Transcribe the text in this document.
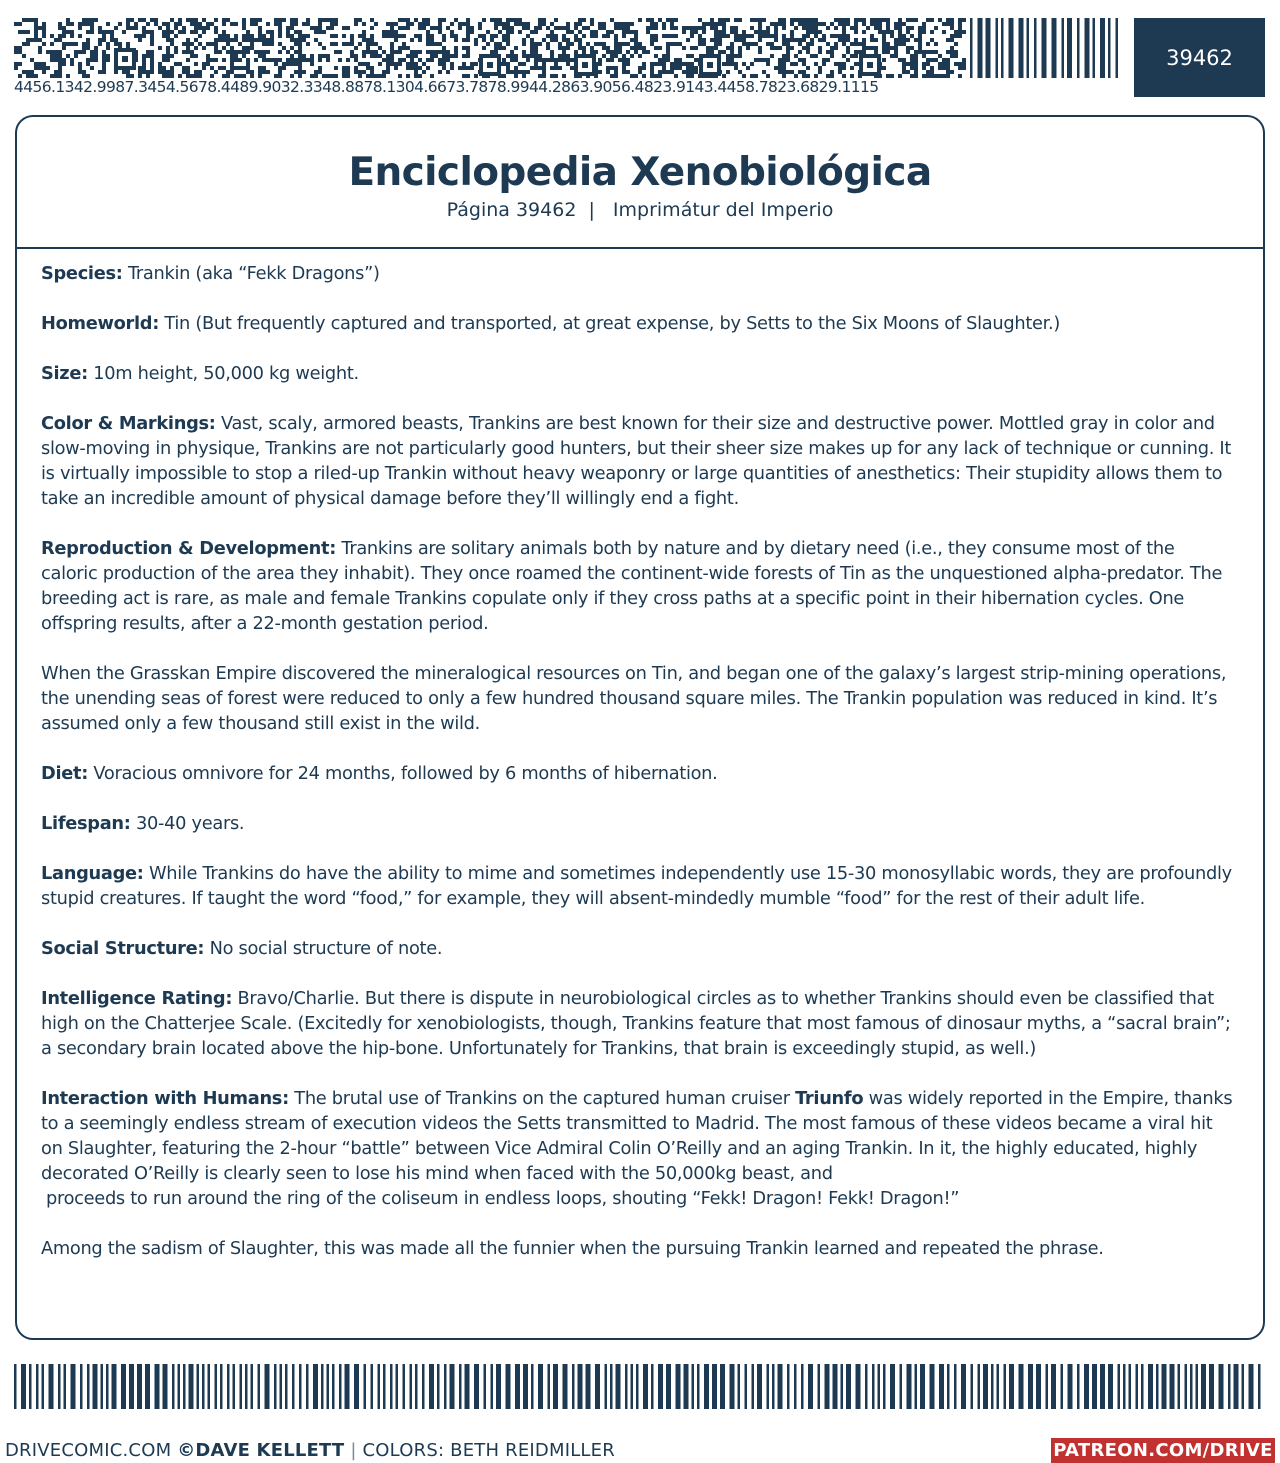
4456.1342.9987.3454.5678.4489.9032.3348.8878.1304.6673.7878.9944.2863.9056.4823.9143.4458.7823.6829.1115
39462
Enciclopedia Xenobiológica
Página 39462 | Imprimátur del Imperio

Species: Trankin (aka “Fekk Dragons”)

Homeworld: Tin (But frequently captured and transported, at great expense, by Setts to the Six Moons of Slaughter.)

Size: 10m height, 50,000 kg weight.

Color & Markings: Vast, scaly, armored beasts, Trankins are best known for their size and destructive power. Mottled gray in color and slow-moving in physique, Trankins are not particularly good hunters, but their sheer size makes up for any lack of technique or cunning. It is virtually impossible to stop a riled-up Trankin without heavy weaponry or large quantities of anesthetics: Their stupidity allows them to take an incredible amount of physical damage before they’ll willingly end a fight.

Reproduction & Development: Trankins are solitary animals both by nature and by dietary need (i.e., they consume most of the caloric production of the area they inhabit). They once roamed the continent-wide forests of Tin as the unquestioned alpha-predator. The breeding act is rare, as male and female Trankins copulate only if they cross paths at a specific point in their hibernation cycles. One offspring results, after a 22-month gestation period.

When the Grasskan Empire discovered the mineralogical resources on Tin, and began one of the galaxy’s largest strip-mining operations, the unending seas of forest were reduced to only a few hundred thousand square miles. The Trankin population was reduced in kind. It’s assumed only a few thousand still exist in the wild.

Diet: Voracious omnivore for 24 months, followed by 6 months of hibernation.

Lifespan: 30-40 years.

Language: While Trankins do have the ability to mime and sometimes independently use 15-30 monosyllabic words, they are profoundly stupid creatures. If taught the word “food,” for example, they will absent-mindedly mumble “food” for the rest of their adult life.

Social Structure: No social structure of note.

Intelligence Rating: Bravo/Charlie. But there is dispute in neurobiological circles as to whether Trankins should even be classified that high on the Chatterjee Scale. (Excitedly for xenobiologists, though, Trankins feature that most famous of dinosaur myths, a “sacral brain”; a secondary brain located above the hip-bone. Unfortunately for Trankins, that brain is exceedingly stupid, as well.)

Interaction with Humans: The brutal use of Trankins on the captured human cruiser Triunfo was widely reported in the Empire, thanks to a seemingly endless stream of execution videos the Setts transmitted to Madrid. The most famous of these videos became a viral hit on Slaughter, featuring the 2-hour “battle” between Vice Admiral Colin O’Reilly and an aging Trankin. In it, the highly educated, highly decorated O’Reilly is clearly seen to lose his mind when faced with the 50,000kg beast, and
proceeds to run around the ring of the coliseum in endless loops, shouting “Fekk! Dragon! Fekk! Dragon!”

Among the sadism of Slaughter, this was made all the funnier when the pursuing Trankin learned and repeated the phrase.

DRIVECOMIC.COM ©DAVE KELLETT | COLORS: BETH REIDMILLER	PATREON.COM/DRIVE
